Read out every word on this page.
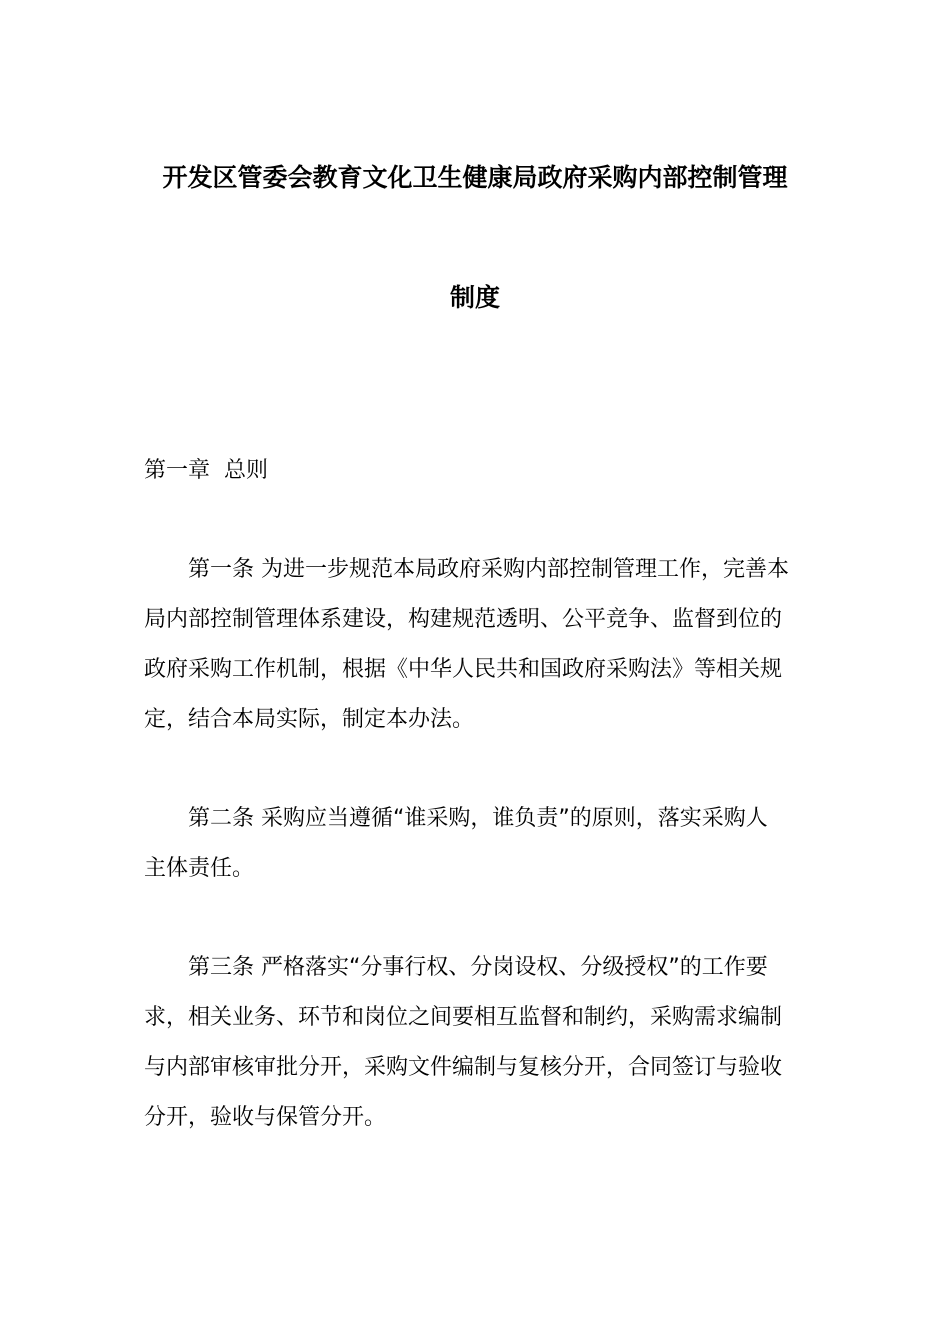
开发区管委会教育文化卫生健康局政府采购内部控制管理
制度
第一章  总则
第一条 为进一步规范本局政府采购内部控制管理工作，完善本
局内部控制管理体系建设，构建规范透明、公平竞争、监督到位的
政府采购工作机制，根据《中华人民共和国政府采购法》等相关规
定，结合本局实际，制定本办法。
第二条 采购应当遵循“谁采购，谁负责”的原则，落实采购人
主体责任。
第三条 严格落实“分事行权、分岗设权、分级授权”的工作要
求，相关业务、环节和岗位之间要相互监督和制约，采购需求编制
与内部审核审批分开，采购文件编制与复核分开，合同签订与验收
分开，验收与保管分开。
